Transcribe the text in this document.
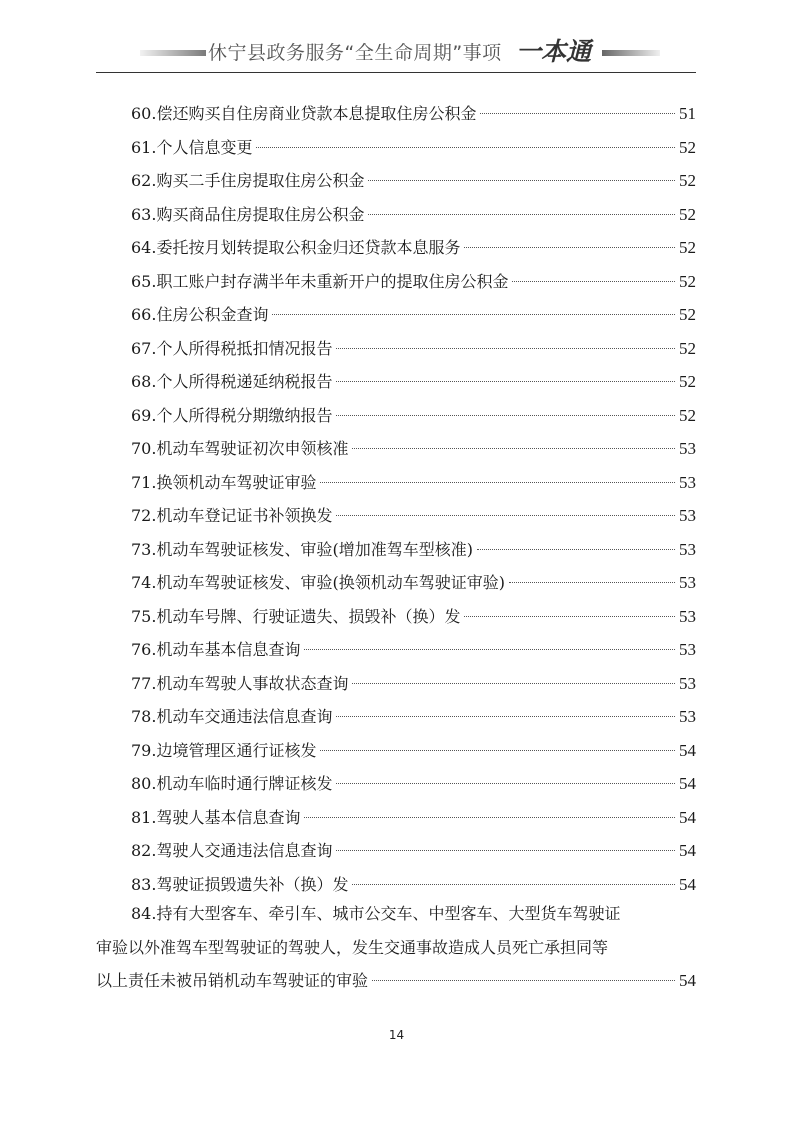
休宁县政务服务“全生命周期”事项 一本通
60.偿还购买自住房商业贷款本息提取住房公积金	51
61.个人信息变更	52
62.购买二手住房提取住房公积金	52
63.购买商品住房提取住房公积金	52
64.委托按月划转提取公积金归还贷款本息服务	52
65.职工账户封存满半年未重新开户的提取住房公积金	52
66.住房公积金查询	52
67.个人所得税抵扣情况报告	52
68.个人所得税递延纳税报告	52
69.个人所得税分期缴纳报告	52
70.机动车驾驶证初次申领核准	53
71.换领机动车驾驶证审验	53
72.机动车登记证书补领换发	53
73.机动车驾驶证核发、审验(增加准驾车型核准)	53
74.机动车驾驶证核发、审验(换领机动车驾驶证审验)	53
75.机动车号牌、行驶证遗失、损毁补（换）发	53
76.机动车基本信息查询	53
77.机动车驾驶人事故状态查询	53
78.机动车交通违法信息查询	53
79.边境管理区通行证核发	54
80.机动车临时通行牌证核发	54
81.驾驶人基本信息查询	54
82.驾驶人交通违法信息查询	54
83.驾驶证损毁遗失补（换）发	54
84.持有大型客车、牵引车、城市公交车、中型客车、大型货车驾驶证
审验以外准驾车型驾驶证的驾驶人，发生交通事故造成人员死亡承担同等
以上责任未被吊销机动车驾驶证的审验	54
14
